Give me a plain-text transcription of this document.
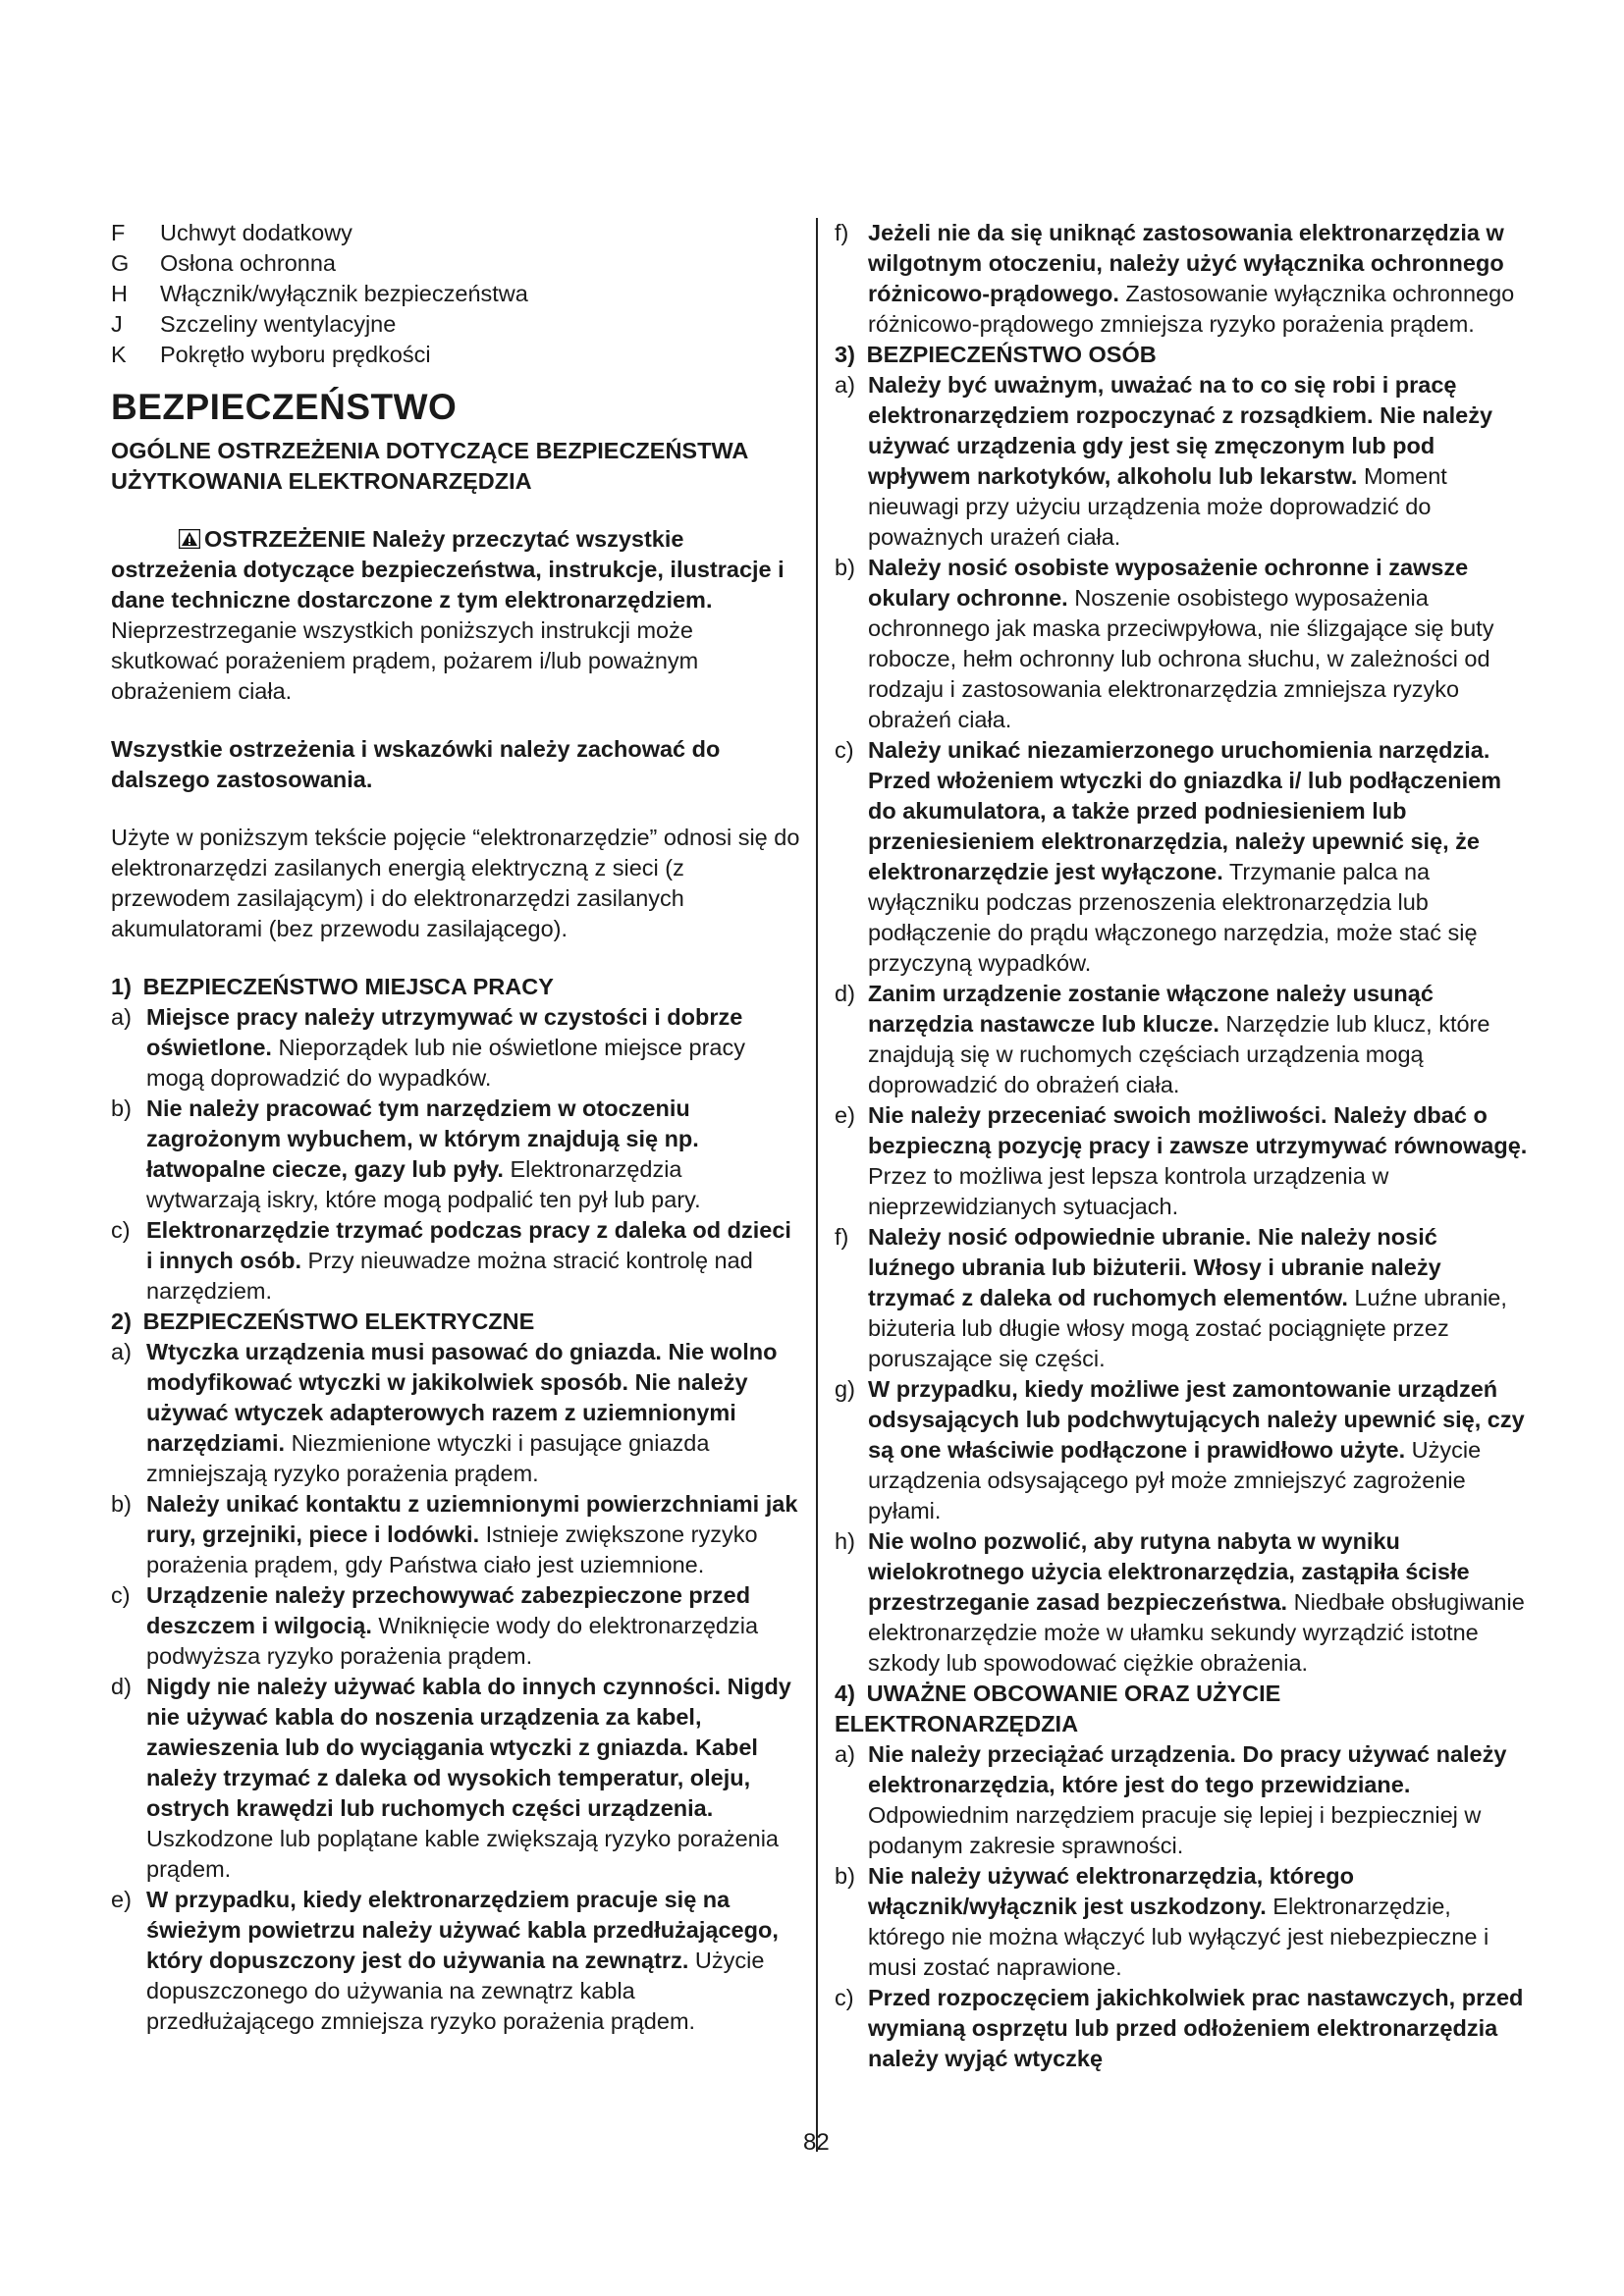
F	Uchwyt dodatkowy
G	Osłona ochronna
H	Włącznik/wyłącznik bezpieczeństwa
J	Szczeliny wentylacyjne
K	Pokrętło wyboru prędkości
BEZPIECZEŃSTWO
OGÓLNE OSTRZEŻENIA DOTYCZĄCE BEZPIECZEŃSTWA UŻYTKOWANIA ELEKTRONARZĘDZIA

OSTRZEŻENIE Należy przeczytać wszystkie ostrzeżenia dotyczące bezpieczeństwa, instrukcje, ilustracje i dane techniczne dostarczone z tym elektronarzędziem. Nieprzestrzeganie wszystkich poniższych instrukcji może skutkować porażeniem prądem, pożarem i/lub poważnym obrażeniem ciała.

Wszystkie ostrzeżenia i wskazówki należy zachować do dalszego zastosowania.

Użyte w poniższym tekście pojęcie “elektronarzędzie” odnosi się do elektronarzędzi zasilanych energią elektryczną z sieci (z przewodem zasilającym) i do elektronarzędzi zasilanych akumulatorami (bez przewodu zasilającego).

1) BEZPIECZEŃSTWO MIEJSCA PRACY

a) Miejsce pracy należy utrzymywać w czystości i dobrze oświetlone. Nieporządek lub nie oświetlone miejsce pracy mogą doprowadzić do wypadków.
b) Nie należy pracować tym narzędziem w otoczeniu zagrożonym wybuchem, w którym znajdują się np. łatwopalne ciecze, gazy lub pyły. Elektronarzędzia wytwarzają iskry, które mogą podpalić ten pył lub pary.
c) Elektronarzędzie trzymać podczas pracy z daleka od dzieci i innych osób. Przy nieuwadze można stracić kontrolę nad narzędziem.

2) BEZPIECZEŃSTWO ELEKTRYCZNE

a) Wtyczka urządzenia musi pasować do gniazda. Nie wolno modyfikować wtyczki w jakikolwiek sposób. Nie należy używać wtyczek adapterowych razem z uziemnionymi narzędziami. Niezmienione wtyczki i pasujące gniazda zmniejszają ryzyko porażenia prądem.
b) Należy unikać kontaktu z uziemnionymi powierzchniami jak rury, grzejniki, piece i lodówki. Istnieje zwiększone ryzyko porażenia prądem, gdy Państwa ciało jest uziemnione.
c) Urządzenie należy przechowywać zabezpieczone przed deszczem i wilgocią. Wniknięcie wody do elektronarzędzia podwyższa ryzyko porażenia prądem.
d) Nigdy nie należy używać kabla do innych czynności. Nigdy nie używać kabla do noszenia urządzenia za kabel, zawieszenia lub do wyciągania wtyczki z gniazda. Kabel należy trzymać z daleka od wysokich temperatur, oleju, ostrych krawędzi lub ruchomych części urządzenia. Uszkodzone lub poplątane kable zwiększają ryzyko porażenia prądem.
e) W przypadku, kiedy elektronarzędziem pracuje się na świeżym powietrzu należy używać kabla przedłużającego, który dopuszczony jest do używania na zewnątrz. Użycie dopuszczonego do używania na zewnątrz kabla przedłużającego zmniejsza ryzyko porażenia prądem.
f) Jeżeli nie da się uniknąć zastosowania elektronarzędzia w wilgotnym otoczeniu, należy użyć wyłącznika ochronnego różnicowo-prądowego. Zastosowanie wyłącznika ochronnego różnicowo-prądowego zmniejsza ryzyko porażenia prądem.

3) BEZPIECZEŃSTWO OSÓB

a) Należy być uważnym, uważać na to co się robi i pracę elektronarzędziem rozpoczynać z rozsądkiem. Nie należy używać urządzenia gdy jest się zmęczonym lub pod wpływem narkotyków, alkoholu lub lekarstw. Moment nieuwagi przy użyciu urządzenia może doprowadzić do poważnych urażeń ciała.
b) Należy nosić osobiste wyposażenie ochronne i zawsze okulary ochronne. Noszenie osobistego wyposażenia ochronnego jak maska przeciwpyłowa, nie ślizgające się buty robocze, hełm ochronny lub ochrona słuchu, w zależności od rodzaju i zastosowania elektronarzędzia zmniejsza ryzyko obrażeń ciała.
c) Należy unikać niezamierzonego uruchomienia narzędzia. Przed włożeniem wtyczki do gniazdka i/ lub podłączeniem do akumulatora, a także przed podniesieniem lub przeniesieniem elektronarzędzia, należy upewnić się, że elektronarzędzie jest wyłączone. Trzymanie palca na wyłączniku podczas przenoszenia elektronarzędzia lub podłączenie do prądu włączonego narzędzia, może stać się przyczyną wypadków.
d) Zanim urządzenie zostanie włączone należy usunąć narzędzia nastawcze lub klucze. Narzędzie lub klucz, które znajdują się w ruchomych częściach urządzenia mogą doprowadzić do obrażeń ciała.
e) Nie należy przeceniać swoich możliwości. Należy dbać o bezpieczną pozycję pracy i zawsze utrzymywać równowagę. Przez to możliwa jest lepsza kontrola urządzenia w nieprzewidzianych sytuacjach.
f) Należy nosić odpowiednie ubranie. Nie należy nosić luźnego ubrania lub biżuterii. Włosy i ubranie należy trzymać z daleka od ruchomych elementów. Luźne ubranie, biżuteria lub długie włosy mogą zostać pociągnięte przez poruszające się części.
g) W przypadku, kiedy możliwe jest zamontowanie urządzeń odsysających lub podchwytujących należy upewnić się, czy są one właściwie podłączone i prawidłowo użyte. Użycie urządzenia odsysającego pył może zmniejszyć zagrożenie pyłami.
h) Nie wolno pozwolić, aby rutyna nabyta w wyniku wielokrotnego użycia elektronarzędzia, zastąpiła ścisłe przestrzeganie zasad bezpieczeństwa. Niedbałe obsługiwanie elektronarzędzie może w ułamku sekundy wyrządzić istotne szkody lub spowodować ciężkie obrażenia.

4) UWAŻNE OBCOWANIE ORAZ UŻYCIE ELEKTRONARZĘDZIA

a) Nie należy przeciążać urządzenia. Do pracy używać należy elektronarzędzia, które jest do tego przewidziane. Odpowiednim narzędziem pracuje się lepiej i bezpieczniej w podanym zakresie sprawności.
b) Nie należy używać elektronarzędzia, którego włącznik/wyłącznik jest uszkodzony. Elektronarzędzie, którego nie można włączyć lub wyłączyć jest niebezpieczne i musi zostać naprawione.
c) Przed rozpoczęciem jakichkolwiek prac nastawczych, przed wymianą osprzętu lub przed odłożeniem elektronarzędzia należy wyjąć wtyczkę
82
